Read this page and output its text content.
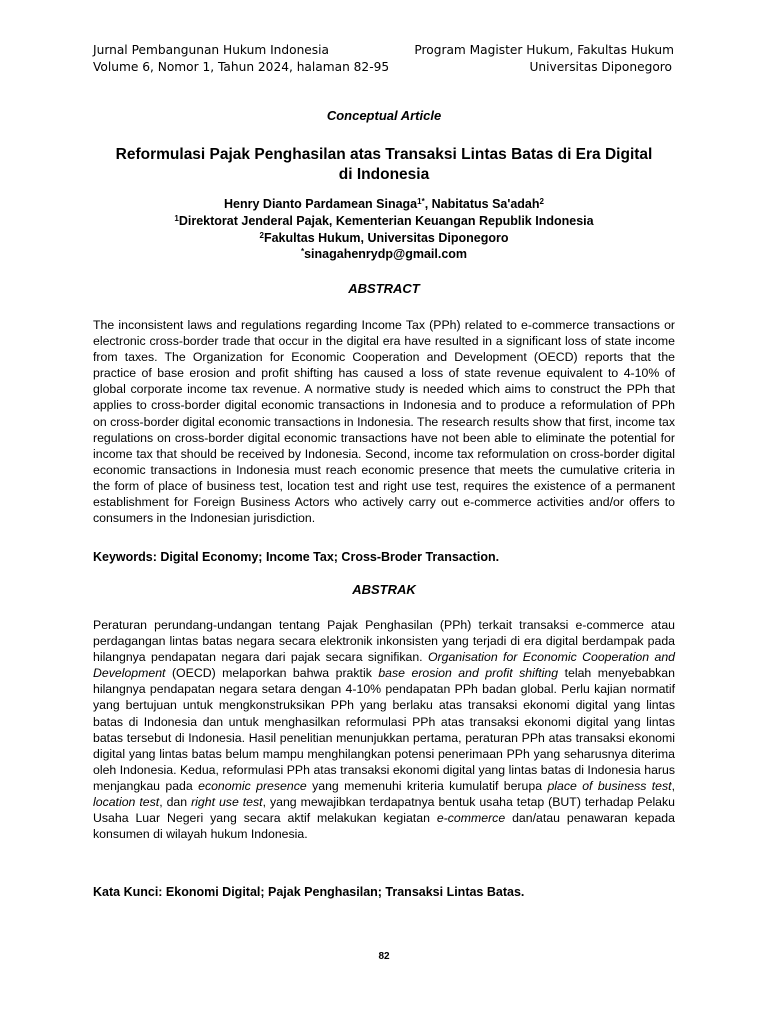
Jurnal Pembangunan Hukum Indonesia
Volume 6, Nomor 1, Tahun 2024, halaman 82-95
Program Magister Hukum, Fakultas Hukum
Universitas Diponegoro
Conceptual Article
Reformulasi Pajak Penghasilan atas Transaksi Lintas Batas di Era Digital di Indonesia
Henry Dianto Pardamean Sinaga$^{1*}$, Nabitatus Sa'adah$^2$
$^1$Direktorat Jenderal Pajak, Kementerian Keuangan Republik Indonesia
$^2$Fakultas Hukum, Universitas Diponegoro
*sinagahenrydp@gmail.com
ABSTRACT
The inconsistent laws and regulations regarding Income Tax (PPh) related to e-commerce transactions or electronic cross-border trade that occur in the digital era have resulted in a significant loss of state income from taxes. The Organization for Economic Cooperation and Development (OECD) reports that the practice of base erosion and profit shifting has caused a loss of state revenue equivalent to 4-10% of global corporate income tax revenue. A normative study is needed which aims to construct the PPh that applies to cross-border digital economic transactions in Indonesia and to produce a reformulation of PPh on cross-border digital economic transactions in Indonesia. The research results show that first, income tax regulations on cross-border digital economic transactions have not been able to eliminate the potential for income tax that should be received by Indonesia. Second, income tax reformulation on cross-border digital economic transactions in Indonesia must reach economic presence that meets the cumulative criteria in the form of place of business test, location test and right use test, requires the existence of a permanent establishment for Foreign Business Actors who actively carry out e-commerce activities and/or offers to consumers in the Indonesian jurisdiction.
Keywords: Digital Economy; Income Tax; Cross-Broder Transaction.
ABSTRAK
Peraturan perundang-undangan tentang Pajak Penghasilan (PPh) terkait transaksi e-commerce atau perdagangan lintas batas negara secara elektronik inkonsisten yang terjadi di era digital berdampak pada hilangnya pendapatan negara dari pajak secara signifikan. Organisation for Economic Cooperation and Development (OECD) melaporkan bahwa praktik base erosion and profit shifting telah menyebabkan hilangnya pendapatan negara setara dengan 4-10% pendapatan PPh badan global. Perlu kajian normatif yang bertujuan untuk mengkonstruksikan PPh yang berlaku atas transaksi ekonomi digital yang lintas batas di Indonesia dan untuk menghasilkan reformulasi PPh atas transaksi ekonomi digital yang lintas batas tersebut di Indonesia. Hasil penelitian menunjukkan pertama, peraturan PPh atas transaksi ekonomi digital yang lintas batas belum mampu menghilangkan potensi penerimaan PPh yang seharusnya diterima oleh Indonesia. Kedua, reformulasi PPh atas transaksi ekonomi digital yang lintas batas di Indonesia harus menjangkau pada economic presence yang memenuhi kriteria kumulatif berupa place of business test, location test, dan right use test, yang mewajibkan terdapatnya bentuk usaha tetap (BUT) terhadap Pelaku Usaha Luar Negeri yang secara aktif melakukan kegiatan e-commerce dan/atau penawaran kepada konsumen di wilayah hukum Indonesia.
Kata Kunci: Ekonomi Digital; Pajak Penghasilan; Transaksi Lintas Batas.
82
